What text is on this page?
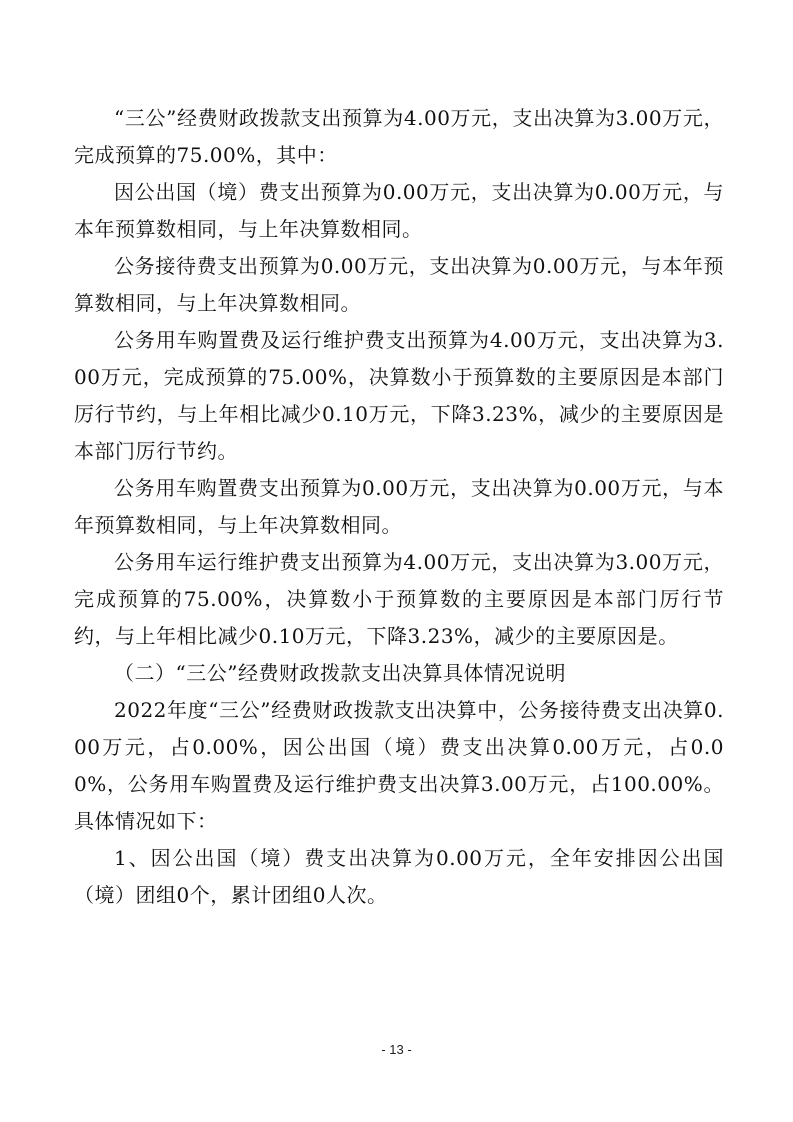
“三公”经费财政拨款支出预算为4.00万元，支出决算为3.00万元，完成预算的75.00%，其中：

因公出国（境）费支出预算为0.00万元，支出决算为0.00万元，与本年预算数相同，与上年决算数相同。

公务接待费支出预算为0.00万元，支出决算为0.00万元，与本年预算数相同，与上年决算数相同。

公务用车购置费及运行维护费支出预算为4.00万元，支出决算为3.00万元，完成预算的75.00%，决算数小于预算数的主要原因是本部门厉行节约，与上年相比减少0.10万元，下降3.23%，减少的主要原因是本部门厉行节约。

公务用车购置费支出预算为0.00万元，支出决算为0.00万元，与本年预算数相同，与上年决算数相同。

公务用车运行维护费支出预算为4.00万元，支出决算为3.00万元，完成预算的75.00%，决算数小于预算数的主要原因是本部门厉行节约，与上年相比减少0.10万元，下降3.23%，减少的主要原因是。

（二）“三公”经费财政拨款支出决算具体情况说明

2022年度“三公”经费财政拨款支出决算中，公务接待费支出决算0.00万元，占0.00%，因公出国（境）费支出决算0.00万元，占0.00%，公务用车购置费及运行维护费支出决算3.00万元，占100.00%。具体情况如下：

1、因公出国（境）费支出决算为0.00万元，全年安排因公出国（境）团组0个，累计团组0人次。

- 13 -
